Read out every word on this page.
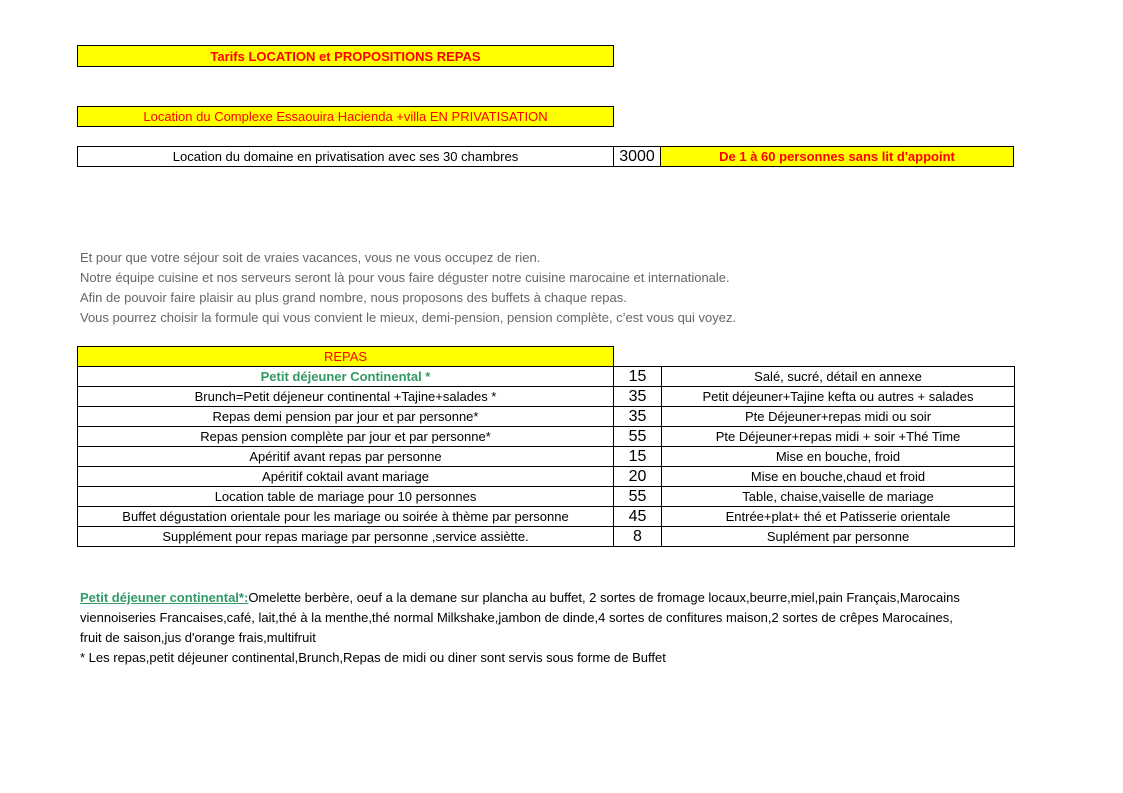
Tarifs LOCATION et PROPOSITIONS REPAS
Location du Complexe Essaouira Hacienda +villa EN PRIVATISATION
Location du domaine en privatisation avec ses 30 chambres	3000	De 1 à 60 personnes sans lit d'appoint

Et pour que votre séjour soit de vraies vacances, vous ne vous occupez de rien.

Notre équipe cuisine et nos serveurs seront là pour vous faire déguster notre cuisine marocaine et internationale.

Afin de pouvoir faire plaisir au plus grand nombre, nous proposons des buffets à chaque repas.

Vous pourrez choisir la formule qui vous convient le mieux, demi-pension, pension complète, c’est vous qui voyez.

REPAS
Petit déjeuner Continental *	15	Salé, sucré, détail en annexe
Brunch=Petit déjeneur continental +Tajine+salades *	35	Petit déjeuner+Tajine kefta ou autres + salades
Repas demi pension par jour et par personne*	35	Pte Déjeuner+repas midi ou soir
Repas pension complète par jour et par personne*	55	Pte Déjeuner+repas midi + soir +Thé Time
Apéritif avant repas par personne	15	Mise en bouche, froid
Apéritif coktail avant mariage	20	Mise en bouche,chaud et froid
Location table de mariage pour 10 personnes	55	Table, chaise,vaiselle de mariage
Buffet dégustation orientale pour les mariage ou soirée à thème par personne	45	Entrée+plat+ thé et Patisserie orientale
Supplément pour repas mariage par personne ,service assiètte.	8	Suplément par personne

Petit déjeuner continental*:Omelette berbère, oeuf a la demane sur plancha au buffet, 2 sortes de fromage locaux,beurre,miel,pain Français,Marocains

viennoiseries Francaises,café, lait,thé à la menthe,thé normal Milkshake,jambon de dinde,4 sortes de confitures maison,2 sortes de crêpes Marocaines,

fruit de saison,jus d'orange frais,multifruit

* Les repas,petit déjeuner continental,Brunch,Repas de midi ou diner sont servis sous forme de Buffet
